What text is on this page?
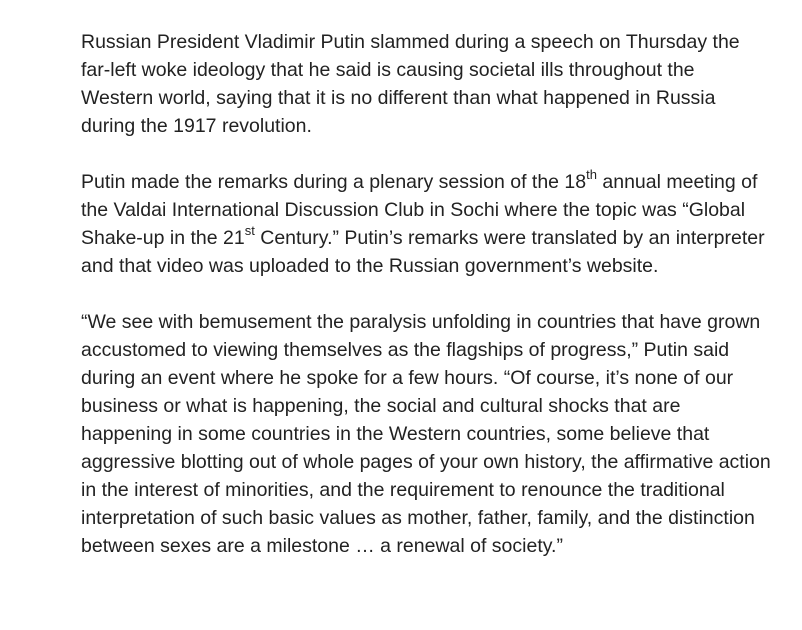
Russian President Vladimir Putin slammed during a speech on Thursday the far-left woke ideology that he said is causing societal ills throughout the Western world, saying that it is no different than what happened in Russia during the 1917 revolution.

Putin made the remarks during a plenary session of the 18th annual meeting of the Valdai International Discussion Club in Sochi where the topic was “Global Shake-up in the 21st Century.” Putin’s remarks were translated by an interpreter and that video was uploaded to the Russian government’s website.

“We see with bemusement the paralysis unfolding in countries that have grown accustomed to viewing themselves as the flagships of progress,” Putin said during an event where he spoke for a few hours. “Of course, it’s none of our business or what is happening, the social and cultural shocks that are happening in some countries in the Western countries, some believe that aggressive blotting out of whole pages of your own history, the affirmative action in the interest of minorities, and the requirement to renounce the traditional interpretation of such basic values as mother, father, family, and the distinction between sexes are a milestone … a renewal of society.”
